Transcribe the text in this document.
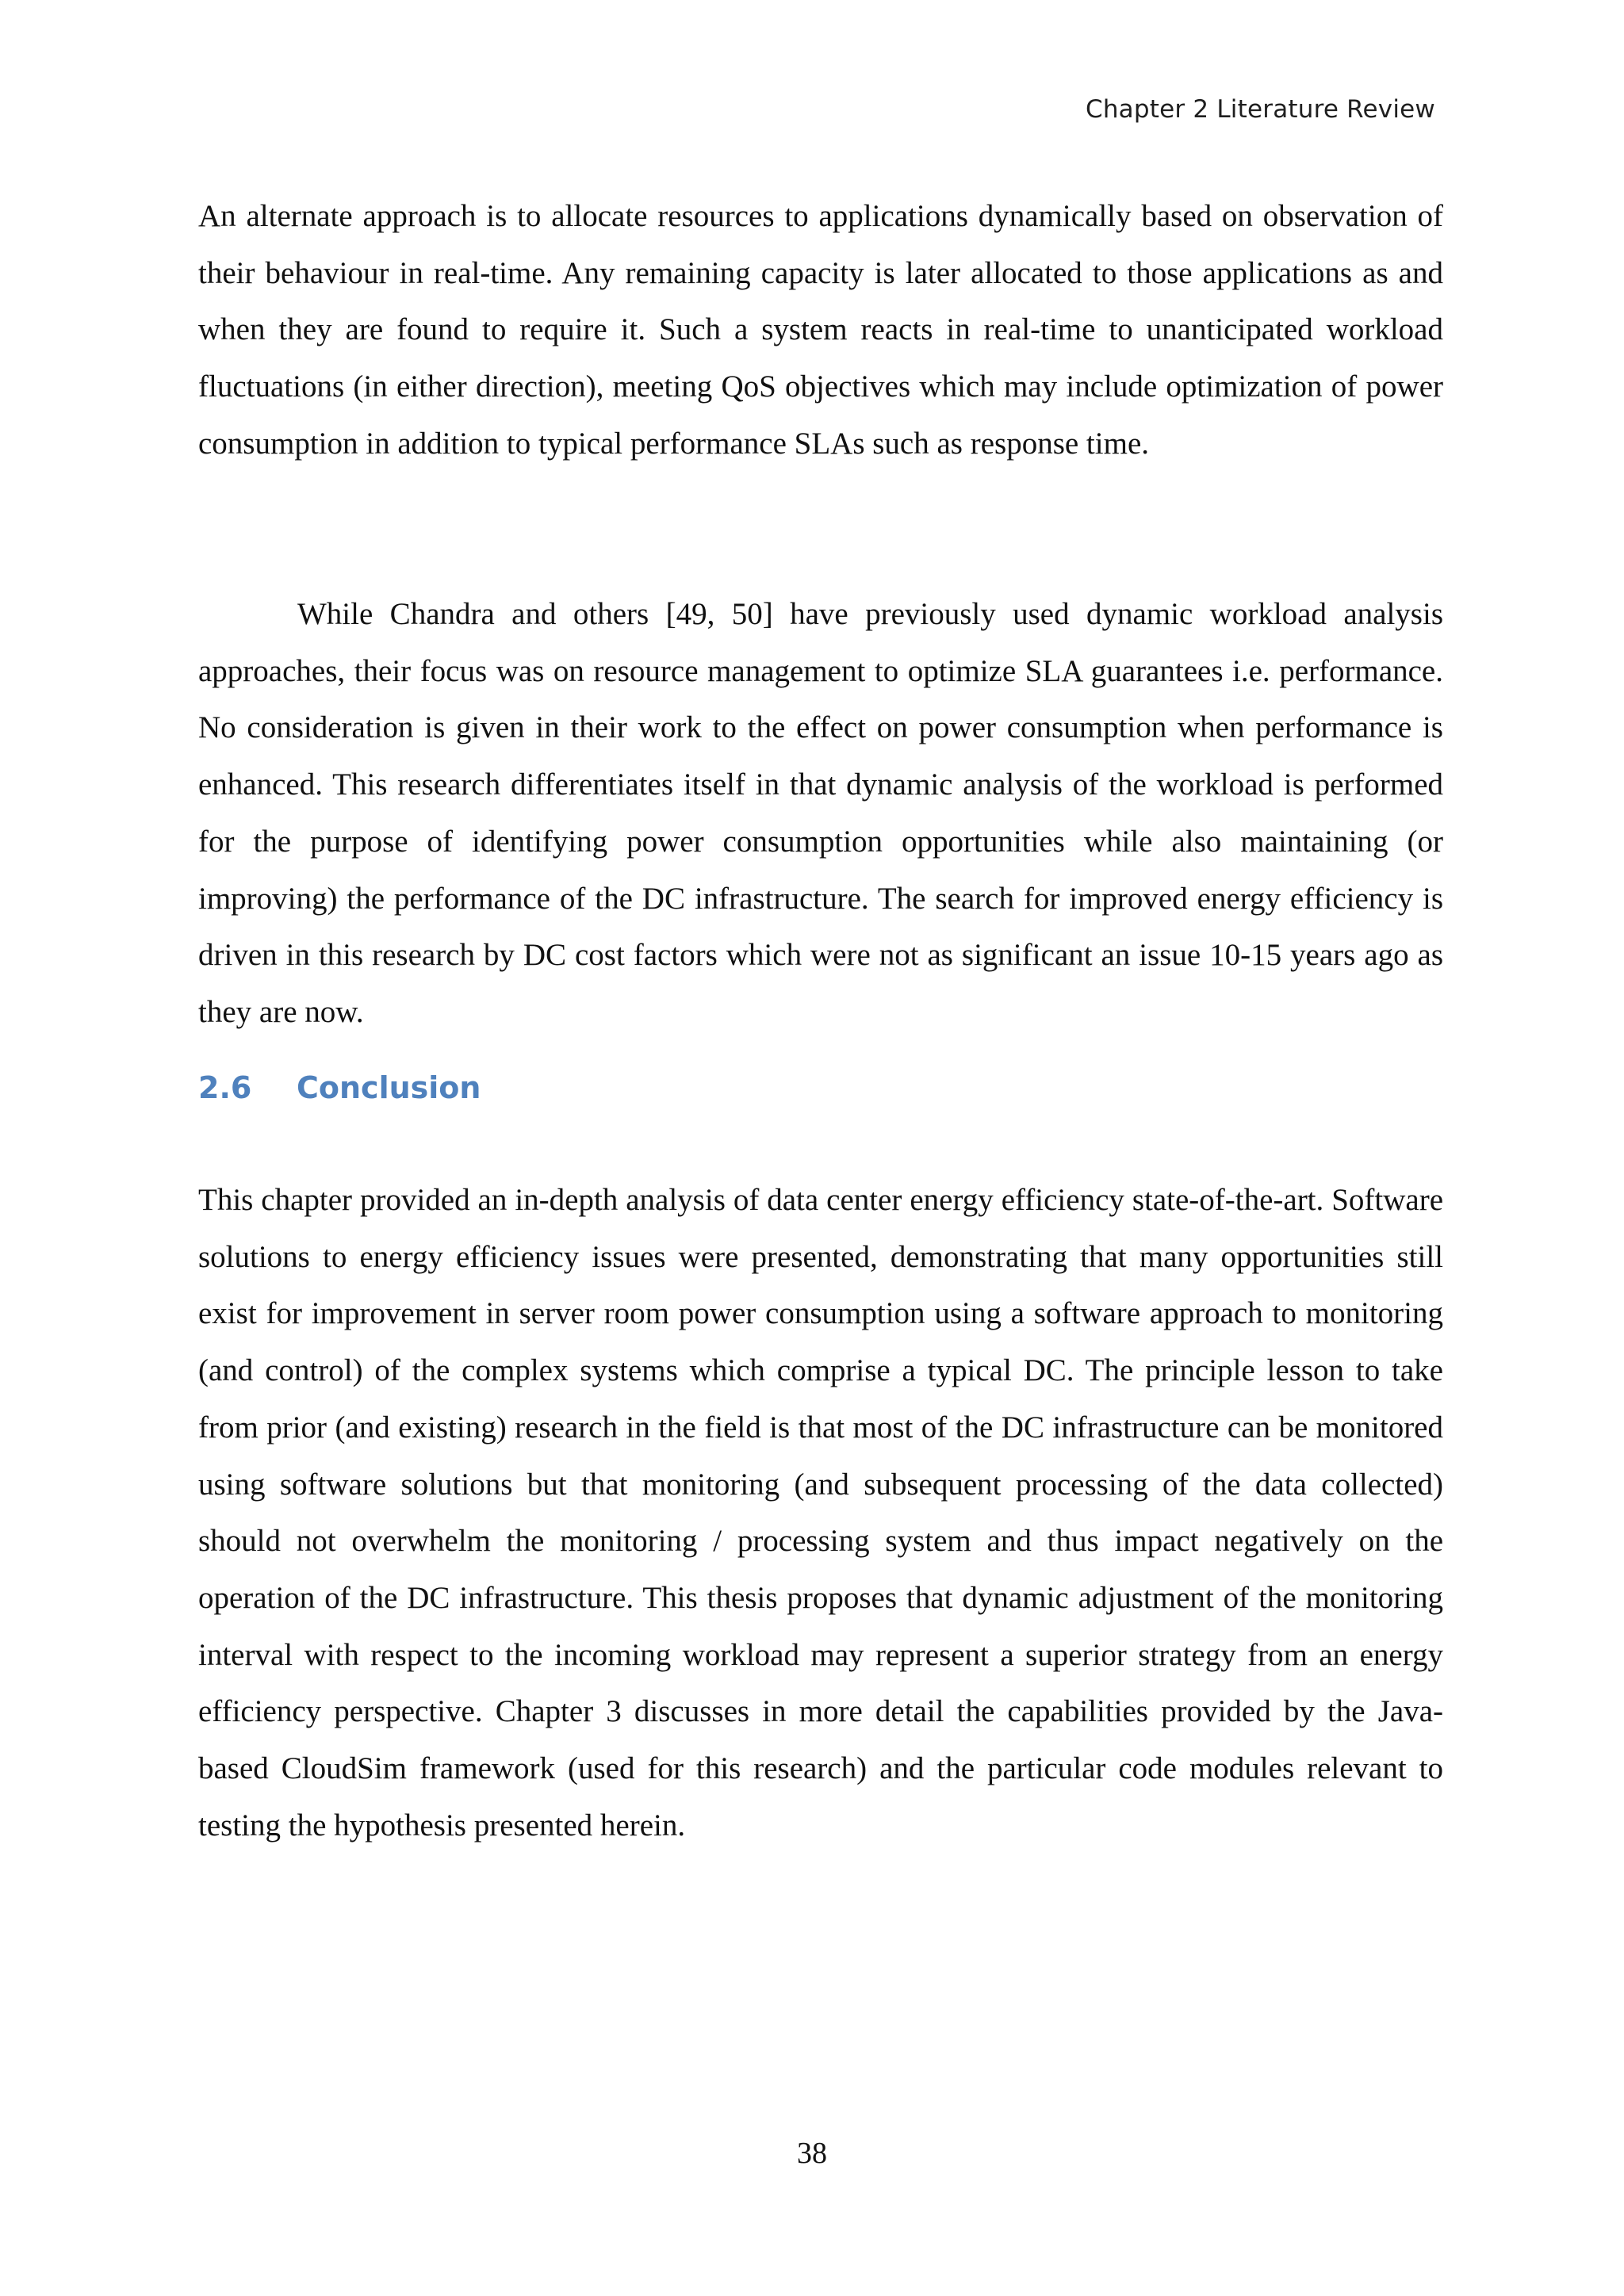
Chapter 2 Literature Review

An alternate approach is to allocate resources to applications dynamically based on observation of their behaviour in real-time. Any remaining capacity is later allocated to those applications as and when they are found to require it. Such a system reacts in real-time to unanticipated workload fluctuations (in either direction), meeting QoS objectives which may include optimization of power consumption in addition to typical performance SLAs such as response time.

While Chandra and others [49, 50] have previously used dynamic workload analysis approaches, their focus was on resource management to optimize SLA guarantees i.e. performance. No consideration is given in their work to the effect on power consumption when performance is enhanced. This research differentiates itself in that dynamic analysis of the workload is performed for the purpose of identifying power consumption opportunities while also maintaining (or improving) the performance of the DC infrastructure. The search for improved energy efficiency is driven in this research by DC cost factors which were not as significant an issue 10-15 years ago as they are now.

2.6 Conclusion

This chapter provided an in-depth analysis of data center energy efficiency state-of-the-art. Software solutions to energy efficiency issues were presented, demonstrating that many opportunities still exist for improvement in server room power consumption using a software approach to monitoring (and control) of the complex systems which comprise a typical DC. The principle lesson to take from prior (and existing) research in the field is that most of the DC infrastructure can be monitored using software solutions but that monitoring (and subsequent processing of the data collected) should not overwhelm the monitoring / processing system and thus impact negatively on the operation of the DC infrastructure. This thesis proposes that dynamic adjustment of the monitoring interval with respect to the incoming workload may represent a superior strategy from an energy efficiency perspective. Chapter 3 discusses in more detail the capabilities provided by the Java-based CloudSim framework (used for this research) and the particular code modules relevant to testing the hypothesis presented herein.

38
